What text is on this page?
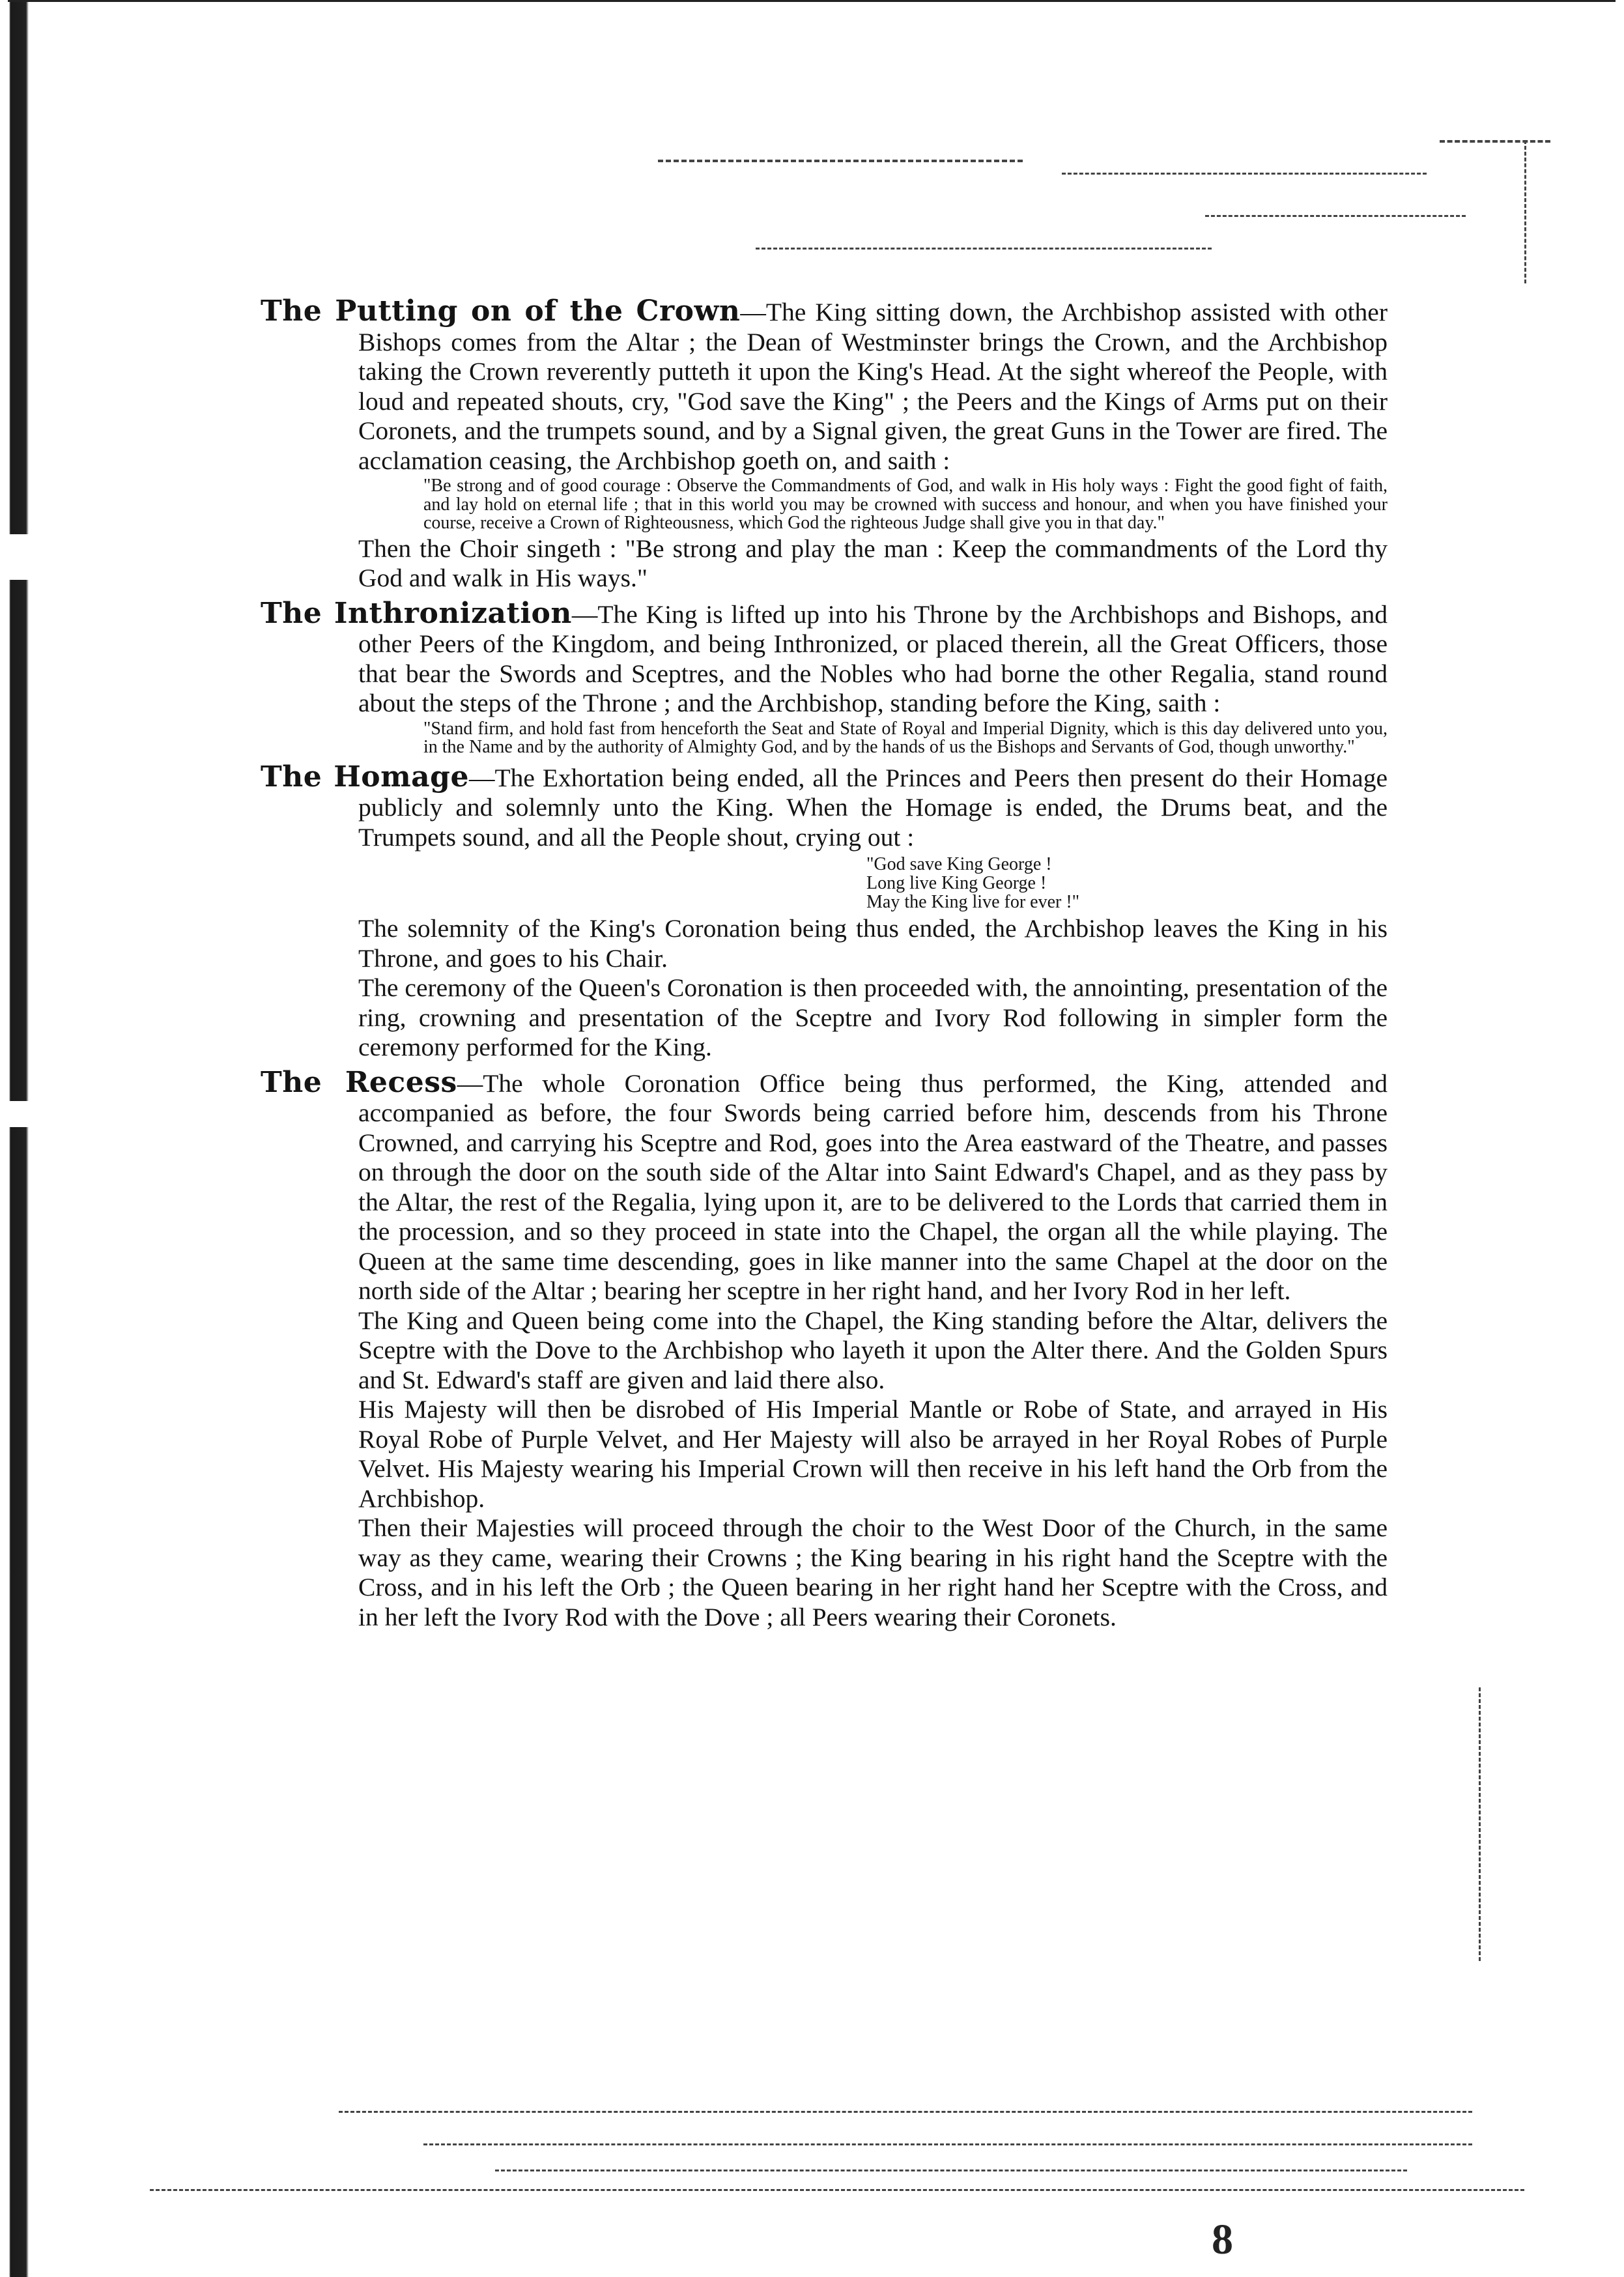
The Putting on of the Crown—The King sitting down, the Archbishop assisted with other Bishops comes from the Altar ; the Dean of Westminster brings the Crown, and the Archbishop taking the Crown reverently putteth it upon the King's Head. At the sight whereof the People, with loud and repeated shouts, cry, "God save the King" ; the Peers and the Kings of Arms put on their Coronets, and the trumpets sound, and by a Signal given, the great Guns in the Tower are fired. The acclamation ceasing, the Archbishop goeth on, and saith :

"Be strong and of good courage : Observe the Commandments of God, and walk in His holy ways : Fight the good fight of faith, and lay hold on eternal life ; that in this world you may be crowned with success and honour, and when you have finished your course, receive a Crown of Righteousness, which God the righteous Judge shall give you in that day."

Then the Choir singeth : "Be strong and play the man : Keep the commandments of the Lord thy God and walk in His ways."

The Inthronization—The King is lifted up into his Throne by the Archbishops and Bishops, and other Peers of the Kingdom, and being Inthronized, or placed therein, all the Great Officers, those that bear the Swords and Sceptres, and the Nobles who had borne the other Regalia, stand round about the steps of the Throne ; and the Archbishop, standing before the King, saith :

"Stand firm, and hold fast from henceforth the Seat and State of Royal and Imperial Dignity, which is this day delivered unto you, in the Name and by the authority of Almighty God, and by the hands of us the Bishops and Servants of God, though unworthy."

The Homage—The Exhortation being ended, all the Princes and Peers then present do their Homage publicly and solemnly unto the King. When the Homage is ended, the Drums beat, and the Trumpets sound, and all the People shout, crying out :

"God save King George !
Long live King George !
May the King live for ever !"

The solemnity of the King's Coronation being thus ended, the Archbishop leaves the King in his Throne, and goes to his Chair.

The ceremony of the Queen's Coronation is then proceeded with, the annointing, presentation of the ring, crowning and presentation of the Sceptre and Ivory Rod following in simpler form the ceremony performed for the King.

The Recess—The whole Coronation Office being thus performed, the King, attended and accompanied as before, the four Swords being carried before him, descends from his Throne Crowned, and carrying his Sceptre and Rod, goes into the Area eastward of the Theatre, and passes on through the door on the south side of the Altar into Saint Edward's Chapel, and as they pass by the Altar, the rest of the Regalia, lying upon it, are to be delivered to the Lords that carried them in the procession, and so they proceed in state into the Chapel, the organ all the while playing. The Queen at the same time descending, goes in like manner into the same Chapel at the door on the north side of the Altar ; bearing her sceptre in her right hand, and her Ivory Rod in her left.

The King and Queen being come into the Chapel, the King standing before the Altar, delivers the Sceptre with the Dove to the Archbishop who layeth it upon the Alter there. And the Golden Spurs and St. Edward's staff are given and laid there also.

His Majesty will then be disrobed of His Imperial Mantle or Robe of State, and arrayed in His Royal Robe of Purple Velvet, and Her Majesty will also be arrayed in her Royal Robes of Purple Velvet. His Majesty wearing his Imperial Crown will then receive in his left hand the Orb from the Archbishop.

Then their Majesties will proceed through the choir to the West Door of the Church, in the same way as they came, wearing their Crowns ; the King bearing in his right hand the Sceptre with the Cross, and in his left the Orb ; the Queen bearing in her right hand her Sceptre with the Cross, and in her left the Ivory Rod with the Dove ; all Peers wearing their Coronets.

8
